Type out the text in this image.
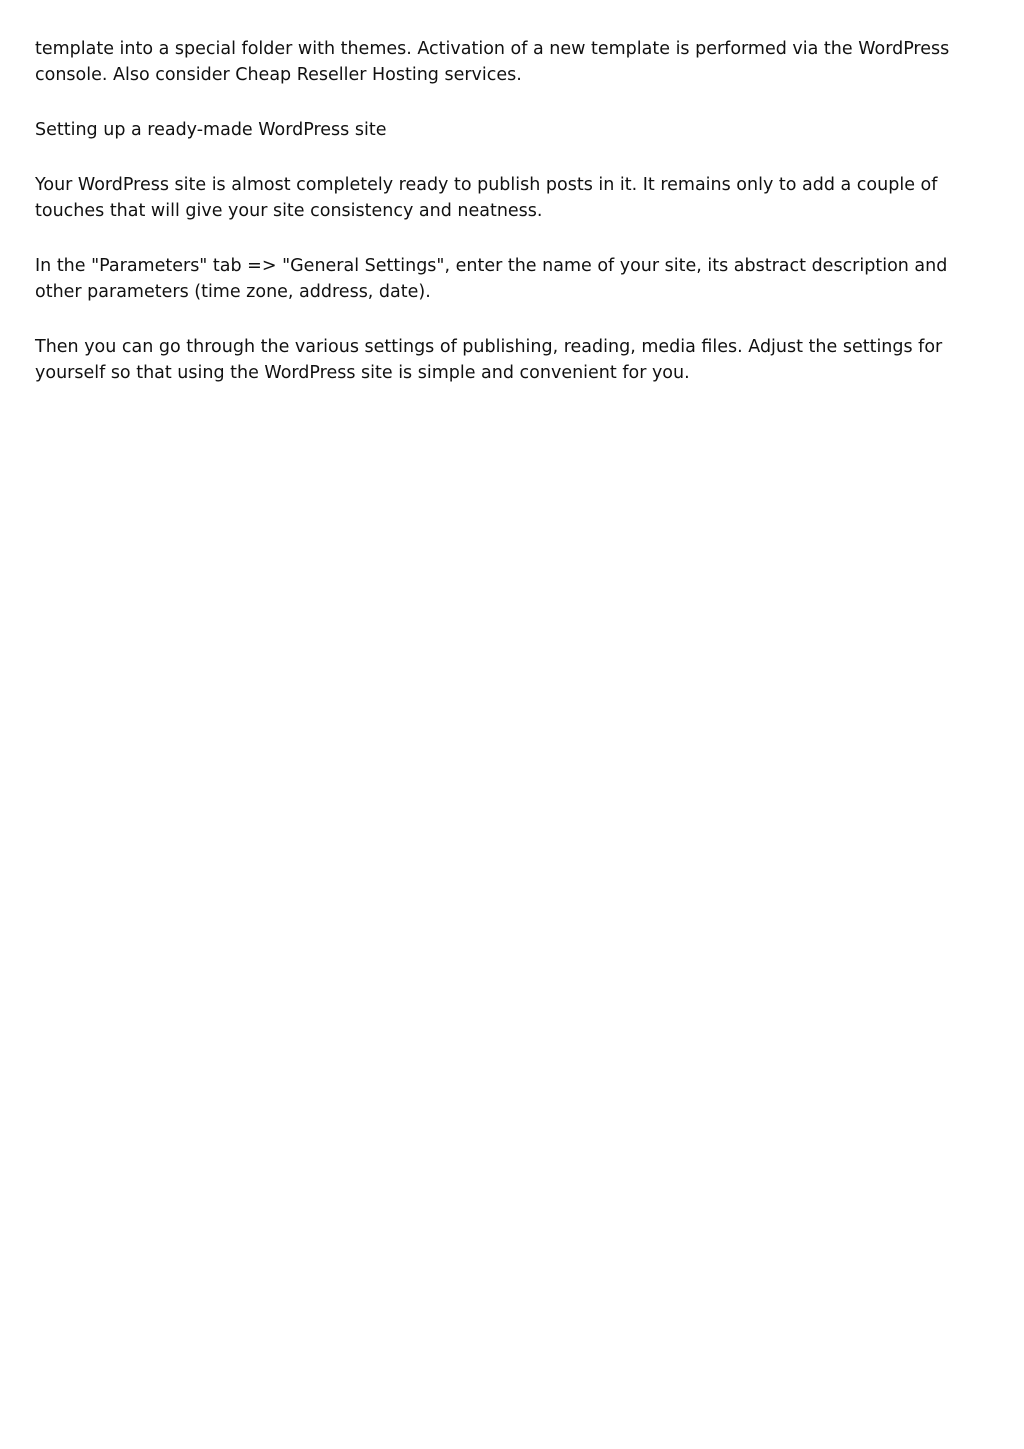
template into a special folder with themes. Activation of a new template is performed via the WordPress console. Also consider Cheap Reseller Hosting services.

Setting up a ready-made WordPress site

Your WordPress site is almost completely ready to publish posts in it. It remains only to add a couple of touches that will give your site consistency and neatness.

In the "Parameters" tab => "General Settings", enter the name of your site, its abstract description and other parameters (time zone, address, date).

Then you can go through the various settings of publishing, reading, media files. Adjust the settings for yourself so that using the WordPress site is simple and convenient for you.
